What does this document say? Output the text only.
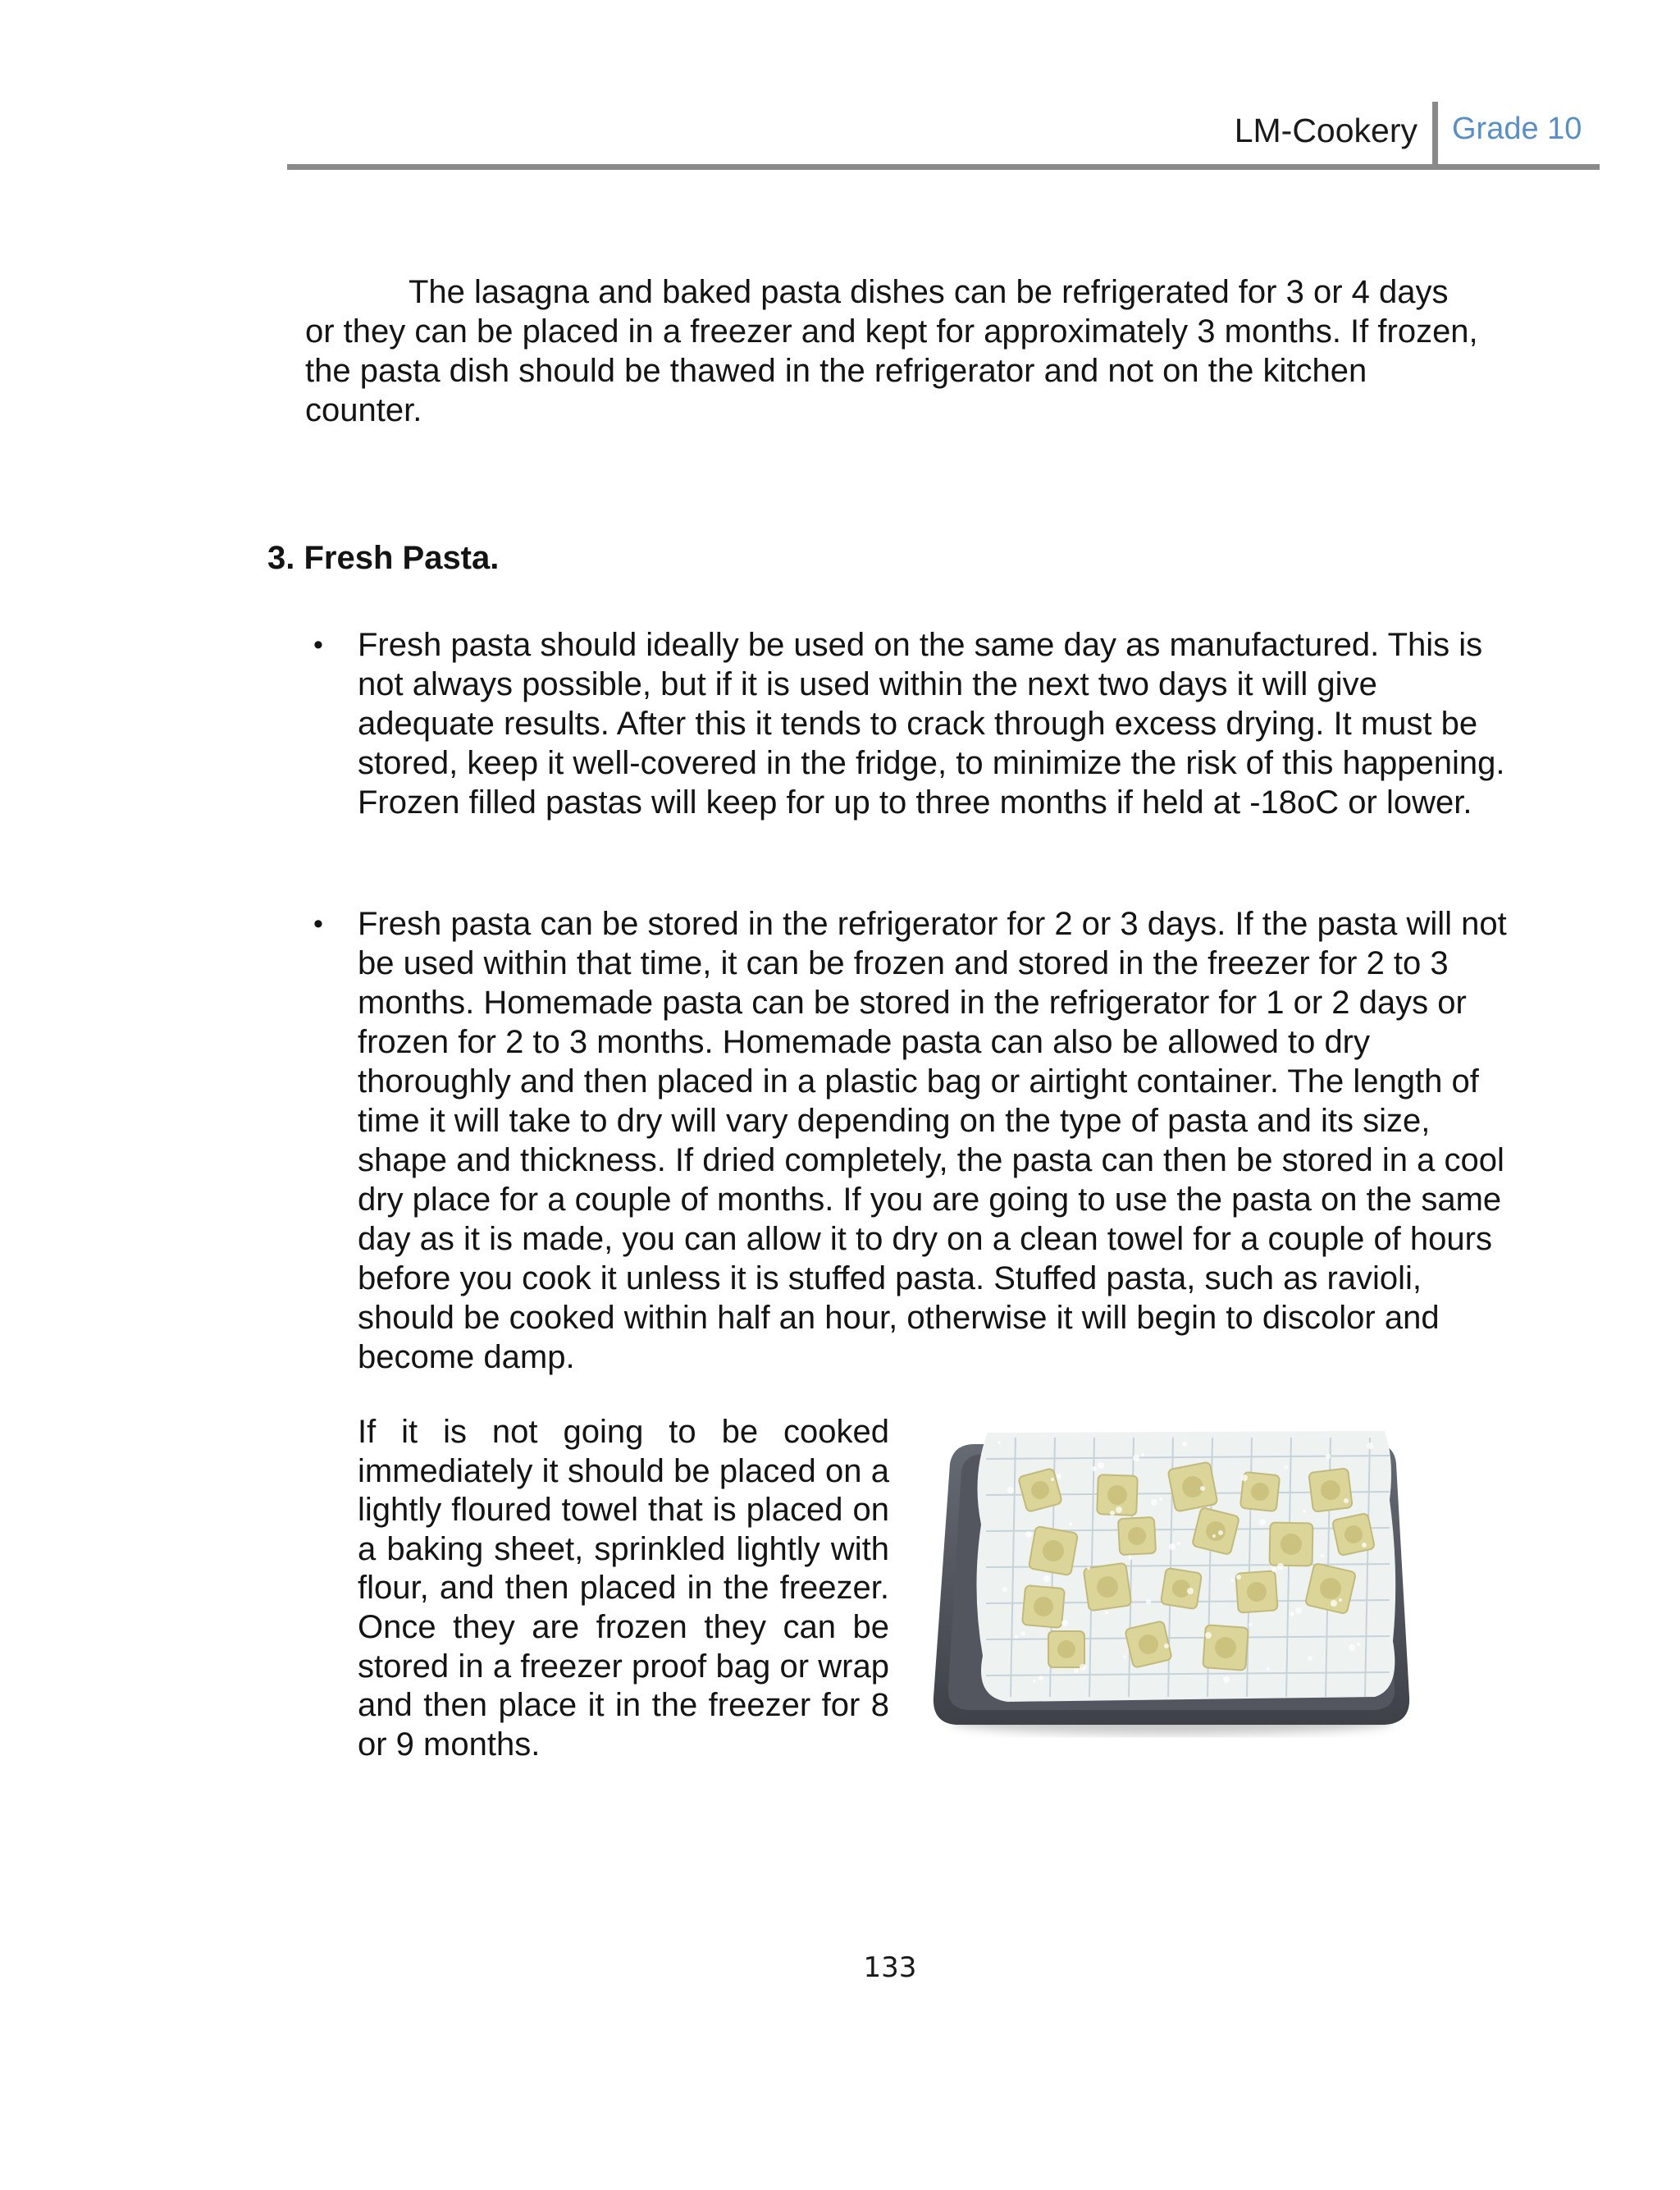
LM-Cookery Grade 10

The lasagna and baked pasta dishes can be refrigerated for 3 or 4 days or they can be placed in a freezer and kept for approximately 3 months. If frozen, the pasta dish should be thawed in the refrigerator and not on the kitchen counter.

3. Fresh Pasta.
• Fresh pasta should ideally be used on the same day as manufactured. This is not always possible, but if it is used within the next two days it will give adequate results. After this it tends to crack through excess drying. It must be stored, keep it well-covered in the fridge, to minimize the risk of this happening. Frozen filled pastas will keep for up to three months if held at -18oC or lower.

• Fresh pasta can be stored in the refrigerator for 2 or 3 days. If the pasta will not be used within that time, it can be frozen and stored in the freezer for 2 to 3 months. Homemade pasta can be stored in the refrigerator for 1 or 2 days or frozen for 2 to 3 months. Homemade pasta can also be allowed to dry thoroughly and then placed in a plastic bag or airtight container. The length of time it will take to dry will vary depending on the type of pasta and its size, shape and thickness. If dried completely, the pasta can then be stored in a cool dry place for a couple of months. If you are going to use the pasta on the same day as it is made, you can allow it to dry on a clean towel for a couple of hours before you cook it unless it is stuffed pasta. Stuffed pasta, such as ravioli, should be cooked within half an hour, otherwise it will begin to discolor and become damp.

If it is not going to be cooked immediately it should be placed on a lightly floured towel that is placed on a baking sheet, sprinkled lightly with flour, and then placed in the freezer. Once they are frozen they can be stored in a freezer proof bag or wrap and then place it in the freezer for 8 or 9 months.

133
